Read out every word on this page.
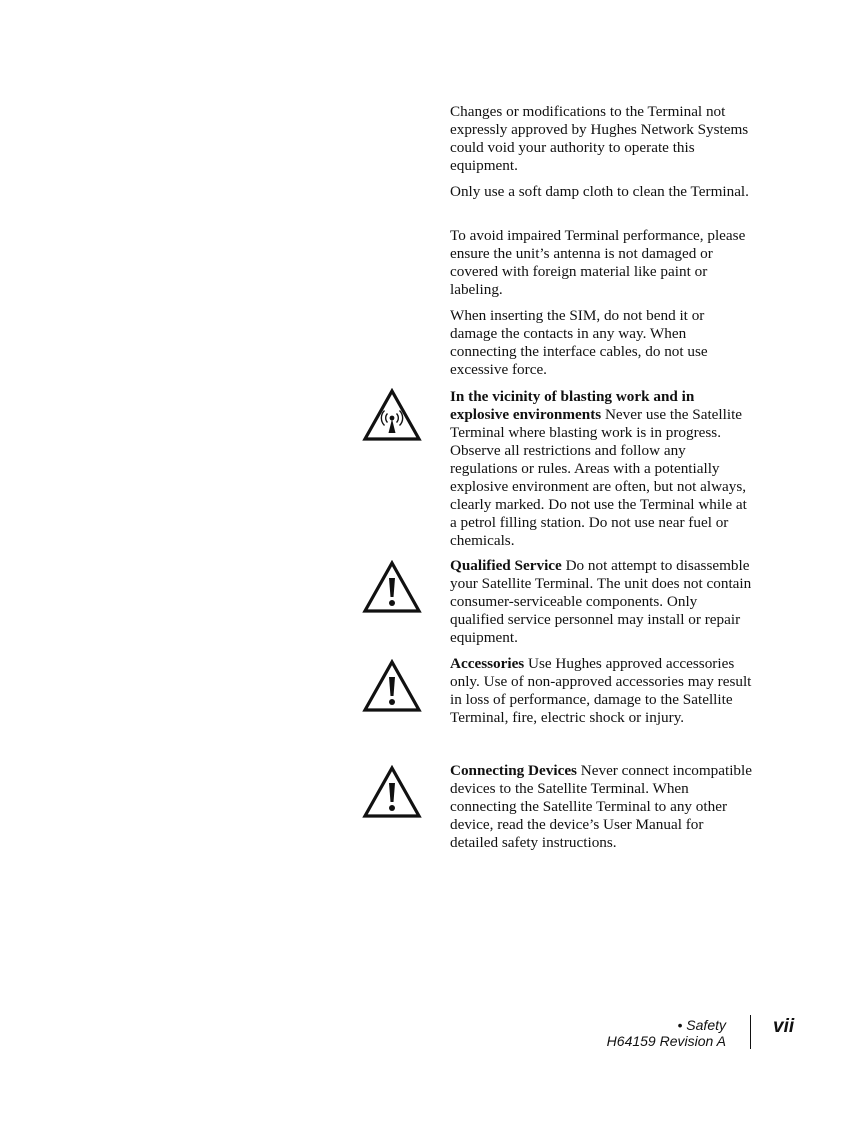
Changes or modifications to the Terminal not expressly approved by Hughes Network Systems could void your authority to operate this equipment.

Only use a soft damp cloth to clean the Terminal.

To avoid impaired Terminal performance, please ensure the unit’s antenna is not damaged or covered with foreign material like paint or labeling.

When inserting the SIM, do not bend it or damage the contacts in any way. When connecting the interface cables, do not use excessive force.

In the vicinity of blasting work and in explosive environments Never use the Satellite Terminal where blasting work is in progress. Observe all restrictions and follow any regulations or rules. Areas with a potentially explosive environment are often, but not always, clearly marked. Do not use the Terminal while at a petrol filling station. Do not use near fuel or chemicals.

Qualified Service Do not attempt to disassemble your Satellite Terminal. The unit does not contain consumer-serviceable components. Only qualified service personnel may install or repair equipment.

Accessories Use Hughes approved accessories only. Use of non-approved accessories may result in loss of performance, damage to the Satellite Terminal, fire, electric shock or injury.

Connecting Devices Never connect incompatible devices to the Satellite Terminal. When connecting the Satellite Terminal to any other device, read the device’s User Manual for detailed safety instructions.

• Safety
H64159 Revision A
vii
